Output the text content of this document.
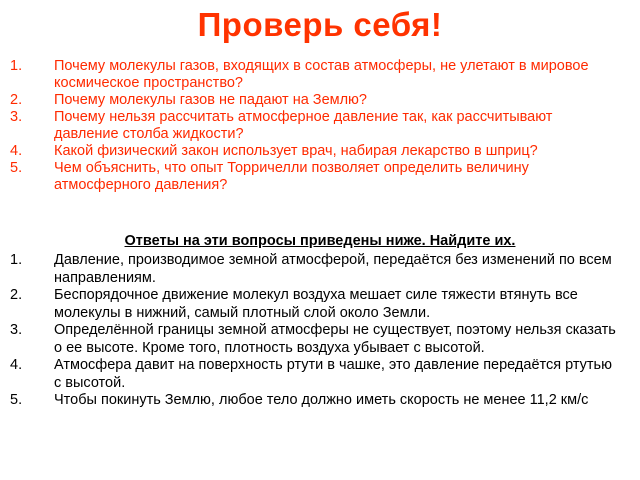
Проверь себя!
1.	Почему молекулы газов, входящих в состав атмосферы, не улетают в мировое космическое пространство?
2.	Почему молекулы газов не падают на Землю?
3.	Почему нельзя рассчитать атмосферное давление так, как рассчитывают давление столба жидкости?
4.	Какой физический закон использует врач, набирая лекарство в шприц?
5.	Чем объяснить, что опыт Торричелли позволяет определить величину атмосферного давления?
Ответы на эти вопросы приведены ниже. Найдите их.
1.	Давление, производимое земной атмосферой, передаётся без изменений по всем направлениям.
2.	Беспорядочное движение молекул воздуха мешает силе тяжести втянуть все молекулы в нижний, самый плотный слой около Земли.
3.	Определённой границы земной атмосферы не существует, поэтому нельзя сказать о ее высоте. Кроме того, плотность воздуха убывает с высотой.
4.	Атмосфера давит на поверхность ртути в чашке, это давление передаётся ртутью с высотой.
5.	Чтобы покинуть Землю, любое тело должно иметь скорость не менее 11,2 км/с
